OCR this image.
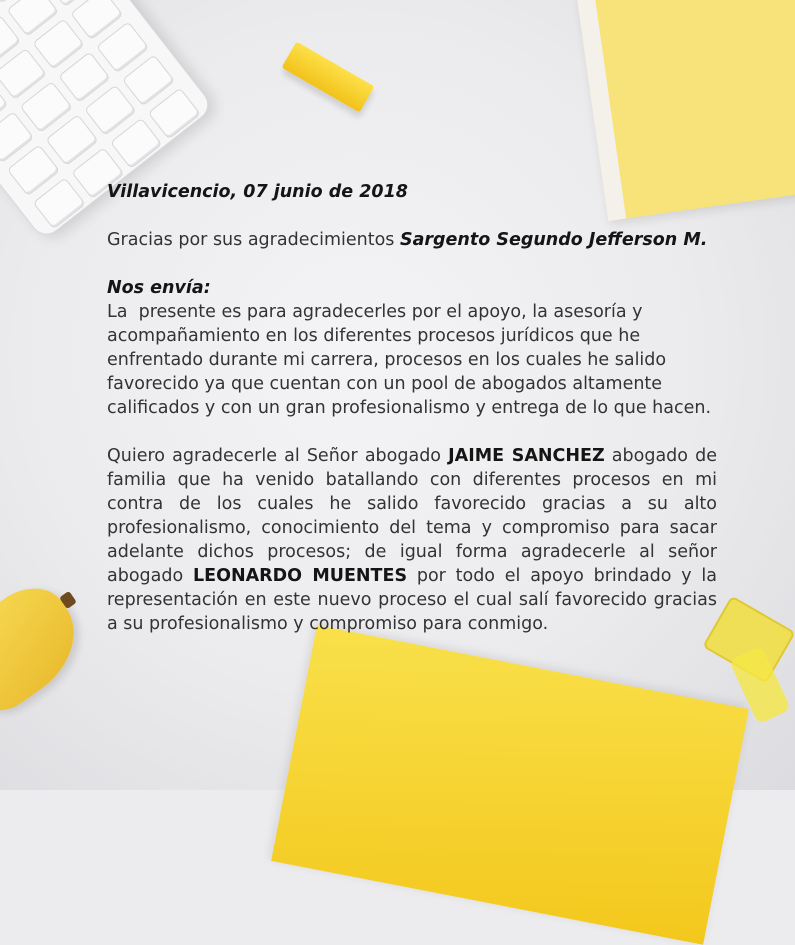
Villavicencio, 07 junio de 2018

Gracias por sus agradecimientos Sargento Segundo Jefferson M.

Nos envía:

La  presente es para agradecerles por el apoyo, la asesoría y acompañamiento en los diferentes procesos jurídicos que he enfrentado durante mi carrera, procesos en los cuales he salido favorecido ya que cuentan con un pool de abogados altamente calificados y con un gran profesionalismo y entrega de lo que hacen.

Quiero agradecerle al Señor abogado JAIME SANCHEZ abogado de familia que ha venido batallando con diferentes procesos en mi contra de los cuales he salido favorecido gracias a su alto profesionalismo, conocimiento del tema y compromiso para sacar adelante dichos procesos; de igual forma agradecerle al señor abogado LEONARDO MUENTES por todo el apoyo brindado y la representación en este nuevo proceso el cual salí favorecido gracias a su profesionalismo y compromiso para conmigo.
